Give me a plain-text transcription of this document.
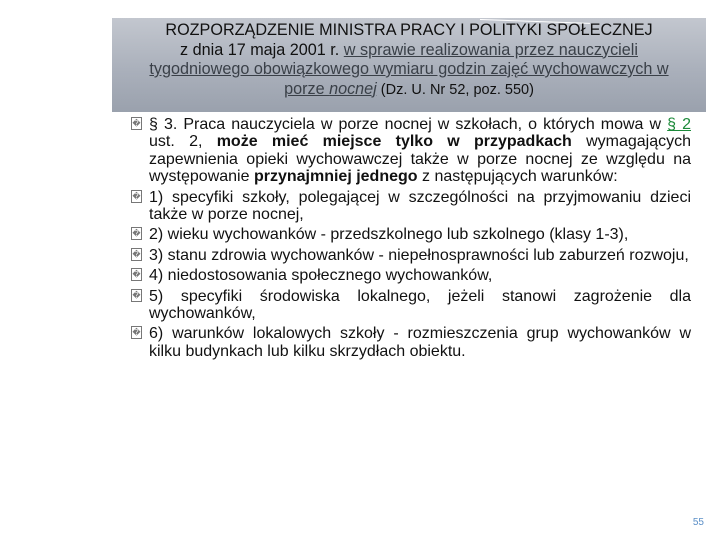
ROZPORZĄDZENIE MINISTRA PRACY I POLITYKI SPOŁECZNEJ
z dnia 17 maja 2001 r. w sprawie realizowania przez nauczycieli
tygodniowego obowiązkowego wymiaru godzin zajęć wychowawczych w
porze nocnej (Dz. U. Nr 52, poz. 550)
� § 3. Praca nauczyciela w porze nocnej w szkołach, o których mowa w § 2 ust. 2, może mieć miejsce tylko w przypadkach wymagających zapewnienia opieki wychowawczej także w porze nocnej ze względu na występowanie przynajmniej jednego z następujących warunków:
� 1) specyfiki szkoły, polegającej w szczególności na przyjmowaniu dzieci także w porze nocnej,
� 2) wieku wychowanków - przedszkolnego lub szkolnego (klasy 1-3),
� 3) stanu zdrowia wychowanków - niepełnosprawności lub zaburzeń rozwoju,
� 4) niedostosowania społecznego wychowanków,
� 5) specyfiki środowiska lokalnego, jeżeli stanowi zagrożenie dla wychowanków,
� 6) warunków lokalowych szkoły - rozmieszczenia grup wychowanków w kilku budynkach lub kilku skrzydłach obiektu.
55
